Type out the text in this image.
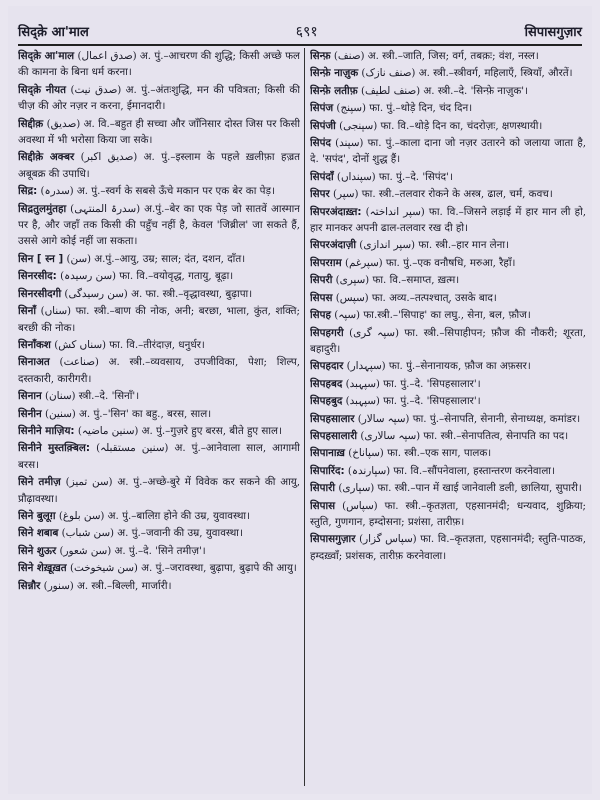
सिद्क़े आ'माल	६९१	सिपासगुज़ार
सिद्क़े आ'माल (صدق اعمال) अ. पुं.–आचरण की शुद्धि; किसी अच्छे फल की कामना के बिना धर्म करना।
सिद्क़े नीयत (صدق نیت) अ. पुं.–अंतःशुद्धि, मन की पवित्रता; किसी की चीज़ की ओर नज़र न करना, ईमानदारी।
सिद्दीक़ (صدیق) अ. वि.–बहुत ही सच्चा और जाँनिसार दोस्त जिस पर किसी अवस्था में भी भरोसा किया जा सके।
सिद्दीक़े अक्बर (صدیق اکبر) अ. पुं.–इस्लाम के पहले ख़लीफ़ा हज़्रत अबूबक्र की उपाधि।
सिद्र: (سدرہ) अ. पुं.–स्वर्ग के सबसे ऊँचे मकान पर एक बेर का पेड़।
सिद्रतुलमुंतहा (سدرۃ المنتہی) अ.पुं.–बेर का एक पेड़ जो सातवें आस्मान पर है, और जहाँ तक किसी की पहुँच नहीं है, केवल 'जिब्रील' जा सकते हैं, उससे आगे कोई नहीं जा सकता।
सिन [ स्न ] (سن) अ.पुं.–आयु, उम्र; साल; दंत, दशन, दाँत।
सिनरसीद: (سن رسیدہ) फा. वि.–वयोवृद्ध, गतायु, बूढ़ा।
सिनरसीदगी (سن رسیدگی) अ. फा. स्त्री.–वृद्धावस्था, बुढ़ापा।
सिनाँ (سناں) फा. स्त्री.–बाण की नोक, अनी; बरछा, भाला, कुंत, शक्ति; बरछी की नोक।
सिनाँकश (سناں کش) फा. वि.–तीरंदाज़, धनुर्धर।
सिनाअत (صناعت) अ. स्त्री.–व्यवसाय, उपजीविका, पेशा; शिल्प, दस्तकारी, कारीगरी।
सिनान (سنان) स्त्री.–दे. 'सिनाँ'।
सिनीन (سنین) अ. पुं.–'सिन' का बहु., बरस, साल।
सिनीने माज़िय: (سنین ماضیہ) अ. पुं.–गुज़रे हुए बरस, बीते हुए साल।
सिनीने मुस्तक़्बिल: (سنین مستقبلہ) अ. पुं.–आनेवाला साल, आगामी बरस।
सिने तमीज़ (سن تمیز) अ. पुं.–अच्छे-बुरे में विवेक कर सकने की आयु, प्रौढ़ावस्था।
सिने बुलूग़ (سن بلوغ) अ. पुं.–बालिग़ होने की उम्र, युवावस्था।
सिने शबाब (سن شباب) अ. पुं.–जवानी की उम्र, युवावस्था।
सिने शुऊर (سن شعور) अ. पुं.–दे. 'सिने तमीज़'।
सिने शेख़ूख़त (سن شیخوخت) अ. पुं.–जरावस्था, बुढ़ापा, बुढ़ापे की आयु।
सिन्नौर (سنور) अ. स्त्री.–बिल्ली, मार्जारी।
सिन्फ़ (صنف) अ. स्त्री.–जाति, जिस; वर्ग, तबक़ः; वंश, नस्ल।
सिन्फ़े नाज़ुक (صنف نازک) अ. स्त्री.–स्त्रीवर्ग, महिलाएँ, स्त्रियाँ, औरतें।
सिन्फ़े लतीफ़ (صنف لطیف) अ. स्त्री.–दे. 'सिन्फ़े नाज़ुक'।
सिपंज (سپنج) फा. पुं.–थोड़े दिन, चंद दिन।
सिपंजी (سپنجی) फा. वि.–थोड़े दिन का, चंदरोज़ः, क्षणस्थायी।
सिपंद (سپند) फा. पुं.–काला दाना जो नज़र उतारने को जलाया जाता है, दे. 'सपंद', दोनों शुद्ध हैं।
सिपंदाँ (سپنداں) फा. पुं.–दे. 'सिपंद'।
सिपर (سپر) फा. स्त्री.–तलवार रोकने के अस्त्र, ढाल, चर्म, कवच।
सिपरअंदाख़्त: (سپر انداختہ) फा. वि.–जिसने लड़ाई में हार मान ली हो, हार मानकर अपनी ढाल-तलवार रख दी हो।
सिपरअंदाज़ी (سپر اندازی) फा. स्त्री.–हार मान लेना।
सिपरग़म (سپرغم) फा. पुं.–एक वनौषधि, मरुआ, रैहाँ।
सिपरी (سپری) फा. वि.–समाप्त, ख़त्म।
सिपस (سپس) फा. अव्य.–तत्पश्चात्, उसके बाद।
सिपह (سپہ) फा.स्त्री.–'सिपाह' का लघु., सेना, बल, फ़ौज।
सिपहगरी (سپہ گری) फा. स्त्री.–सिपाहीपन; फ़ौज की नौकरी; शूरता, बहादुरी।
सिपहदार (سپہدار) फा. पुं.–सेनानायक, फ़ौज का अफ़सर।
सिपहबद (سپہبد) फा. पुं.–दे. 'सिपहसालार'।
सिपहबुद (سپہبد) फा. पुं.–दे. 'सिपहसालार'।
सिपहसालार (سپہ سالار) फा. पुं.–सेनापति, सेनानी, सेनाध्यक्ष, कमांडर।
सिपहसालारी (سپہ سالاری) फा. स्त्री.–सेनापतित्व, सेनापति का पद।
सिपानाख़ (سپاناخ) फा. स्त्री.–एक साग, पालक।
सिपारिंद: (سپارندہ) फा. वि.–सौंपनेवाला, हस्तान्तरण करनेवाला।
सिपारी (سپاری) फा. स्त्री.–पान में खाई जानेवाली डली, छालिया, सुपारी।
सिपास (سپاس) फा. स्त्री.–कृतज्ञता, एहसानमंदी; धन्यवाद, शुक्रिया; स्तुति, गुणगान, हम्दोसना; प्रशंसा, तारीफ़।
सिपासगुज़ार (سپاس گزار) फा. वि.–कृतज्ञता, एहसानमंदी; स्तुति-पाठक, हम्दख़्वाँ; प्रशंसक, तारीफ़ करनेवाला।
